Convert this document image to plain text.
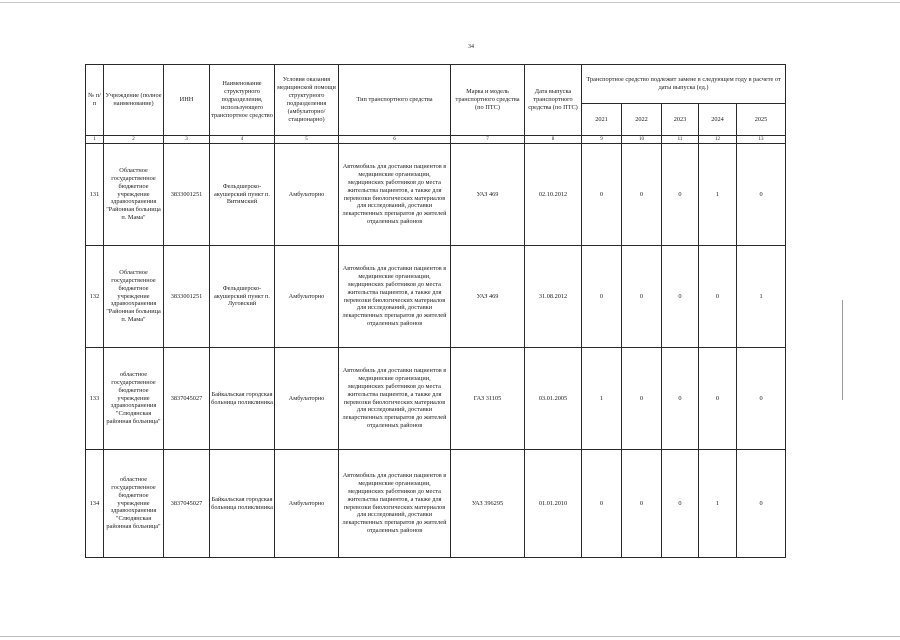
34
№ п/п	Учреждение (полное наименование)	ИНН	Наименование структурного подразделения, использующего транспортное средство	Условия оказания медицинской помощи структурного подразделения (амбулаторно/ стационарно)	Тип транспортного средства	Марка и модель транспортного средства (по ПТС)	Дата выпуска транспортного средства (по ПТС)	Транспортное средство подлежит замене в следующем году в расчете от даты выпуска (ед.)				
								2021	2022	2023	2024	2025
1	2	3	4	5	6	7	8	9	10	11	12	13
131	Областное государственное бюджетное учреждение здравоохранения "Районная больница п. Мама"	3833001251	Фельдшерско-акушерский пункт п. Витимский	Амбулаторно	Автомобиль для доставки пациентов в медицинские организации, медицинских работников до места жительства пациентов, а также для перевозки биологических материалов для исследований, доставки лекарственных препаратов до жителей отдаленных районов	УАЗ 469	02.10.2012	0	0	0	1	0
132	Областное государственное бюджетное учреждение здравоохранения "Районная больница п. Мама"	3833001251	Фельдшерско-акушерский пункт п. Луговский	Амбулаторно	Автомобиль для доставки пациентов в медицинские организации, медицинских работников до места жительства пациентов, а также для перевозки биологических материалов для исследований, доставки лекарственных препаратов до жителей отдаленных районов	УАЗ 469	31.08.2012	0	0	0	0	1
133	областное государственное бюджетное учреждение здравоохранения "Слюдянская районная больница"	3837045027	Байкальская городская больница поликлиника	Амбулаторно	Автомобиль для доставки пациентов в медицинские организации, медицинских работников до места жительства пациентов, а также для перевозки биологических материалов для исследований, доставки лекарственных препаратов до жителей отдаленных районов	ГАЗ 31105	03.01.2005	1	0	0	0	0
134	областное государственное бюджетное учреждение здравоохранения "Слюдянская районная больница"	3837045027	Байкальская городская больница поликлиника	Амбулаторно	Автомобиль для доставки пациентов в медицинские организации, медицинских работников до места жительства пациентов, а также для перевозки биологических материалов для исследований, доставки лекарственных препаратов до жителей отдаленных районов	УАЗ 396295	01.01.2010	0	0	0	1	0
